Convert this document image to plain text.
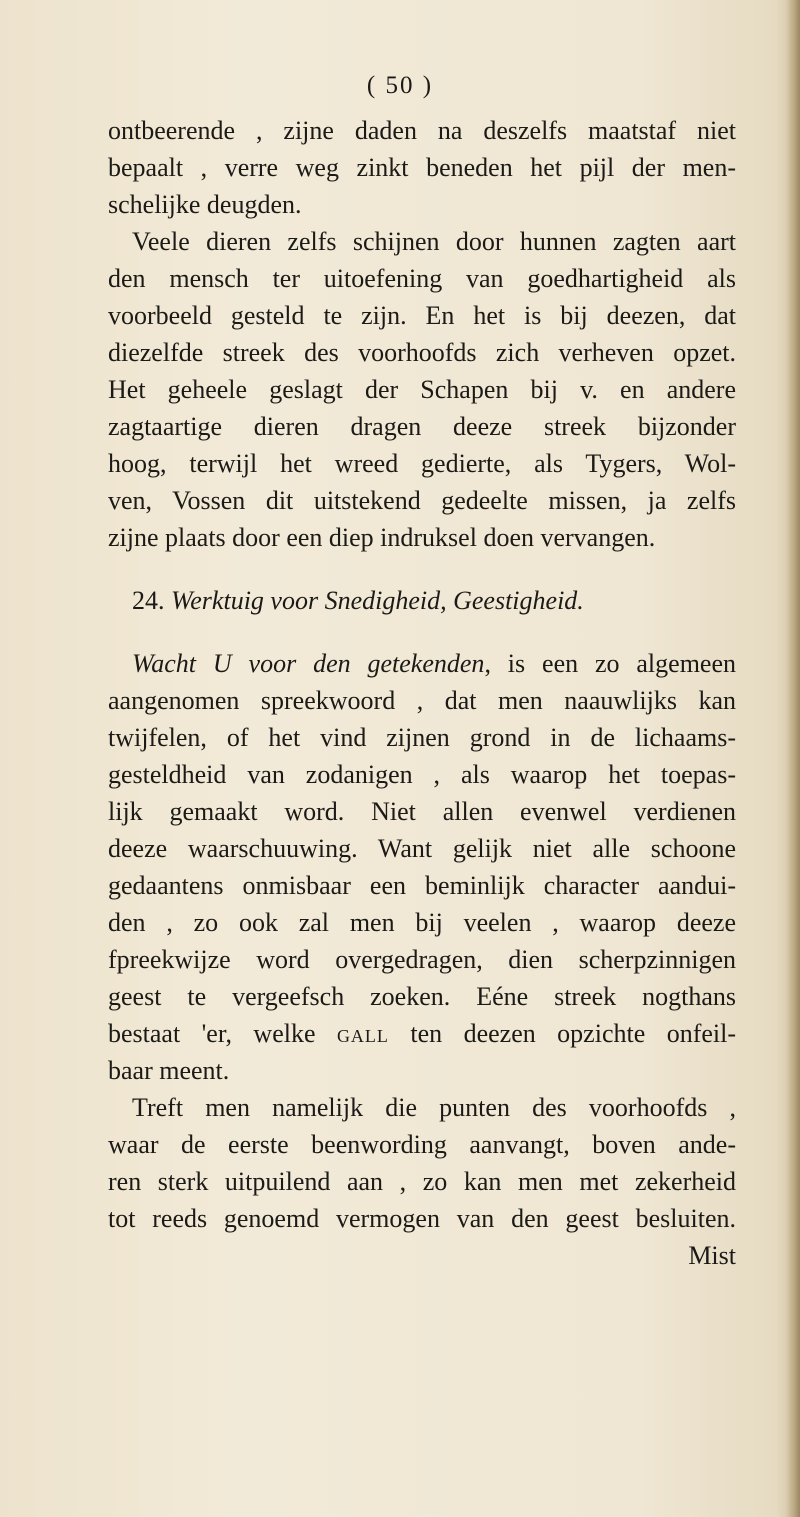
( 50 )
ontbeerende , zijne daden na deszelfs maatstaf niet
bepaalt , verre weg zinkt beneden het pijl der men-
schelijke deugden.
Veele dieren zelfs schijnen door hunnen zagten aart
den mensch ter uitoefening van goedhartigheid als
voorbeeld gesteld te zijn. En het is bij deezen, dat
diezelfde streek des voorhoofds zich verheven opzet.
Het geheele geslagt der Schapen bij v. en andere
zagtaartige dieren dragen deeze streek bijzonder
hoog, terwijl het wreed gedierte, als Tygers, Wol-
ven, Vossen dit uitstekend gedeelte missen, ja zelfs
zijne plaats door een diep indruksel doen vervangen.
24. Werktuig voor Snedigheid, Geestigheid.
Wacht U voor den getekenden, is een zo algemeen
aangenomen spreekwoord , dat men naauwlijks kan
twijfelen, of het vind zijnen grond in de lichaams-
gesteldheid van zodanigen , als waarop het toepas-
lijk gemaakt word. Niet allen evenwel verdienen
deeze waarschuuwing. Want gelijk niet alle schoone
gedaantens onmisbaar een beminlijk character aandui-
den , zo ook zal men bij veelen , waarop deeze
fpreekwijze word overgedragen, dien scherpzinnigen
geest te vergeefsch zoeken. Eéne streek nogthans
bestaat 'er, welke gall ten deezen opzichte onfeil-
baar meent.
Treft men namelijk die punten des voorhoofds ,
waar de eerste beenwording aanvangt, boven ande-
ren sterk uitpuilend aan , zo kan men met zekerheid
tot reeds genoemd vermogen van den geest besluiten.
Mist
